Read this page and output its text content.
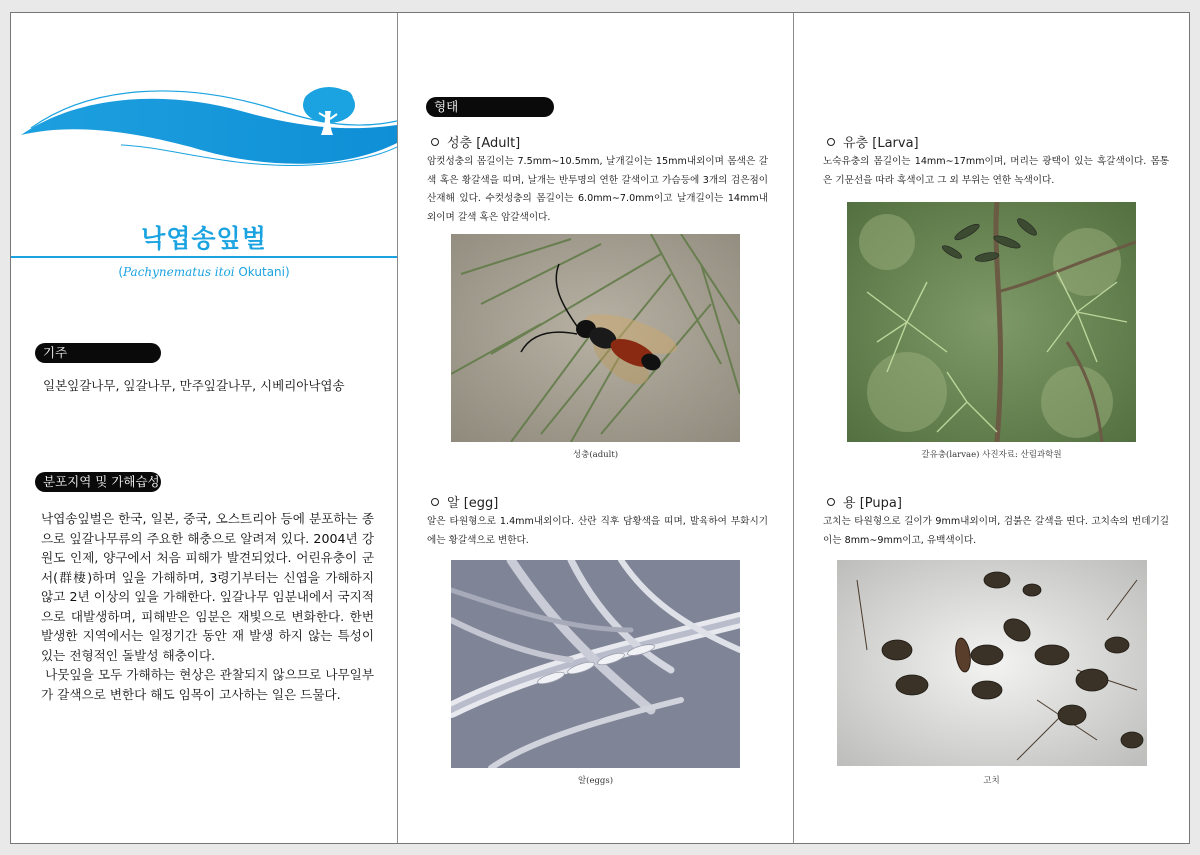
낙엽송잎벌
(Pachynematus itoi Okutani)
기주
일본잎갈나무, 잎갈나무, 만주잎갈나무, 시베리아낙엽송
분포지역 및 가해습성

낙엽송잎벌은 한국, 일본, 중국, 오스트리아 등에 분포하는 종으로 잎갈나무류의 주요한 해충으로 알려져 있다. 2004년 강원도 인제, 양구에서 처음 피해가 발견되었다. 어린유충이 군서(群棲)하며 잎을 가해하며, 3령기부터는 신엽을 가해하지 않고 2년 이상의 잎을 가해한다. 잎갈나무 임분내에서 국지적으로 대발생하며, 피해받은 임분은 재빛으로 변화한다. 한번 발생한 지역에서는 일정기간 동안 재 발생 하지 않는 특성이 있는 전형적인 돌발성 해충이다.

나뭇잎을 모두 가해하는 현상은 관찰되지 않으므로 나무일부가 갈색으로 변한다 해도 임목이 고사하는 일은 드물다.

형태
성충 [Adult]
암컷성충의 몸길이는 7.5mm∼10.5mm, 날개길이는 15mm내외이며 몸색은 갈색 혹은 황갈색을 띠며, 날개는 반투명의 연한 갈색이고 가슴등에 3개의 검은점이 산재해 있다. 수컷성충의 몸길이는 6.0mm∼7.0mm이고 날개길이는 14mm내외이며 갈색 혹은 암갈색이다.
성충(adult)
알 [egg]
알은 타원형으로 1.4mm내외이다. 산란 직후 담황색을 띠며, 발육하여 부화시기에는 황갈색으로 변한다.
알(eggs)
유충 [Larva]
노숙유충의 몸길이는 14mm∼17mm이며, 머리는 광택이 있는 흑갈색이다. 몸통은 기문선을 따라 흑색이고 그 외 부위는 연한 녹색이다.
갈유충(larvae) 사진자료: 산림과학원
용 [Pupa]
고치는 타원형으로 길이가 9mm내외이며, 검붉은 갈색을 띤다. 고치속의 번데기길이는 8mm∼9mm이고, 유백색이다.
고치
